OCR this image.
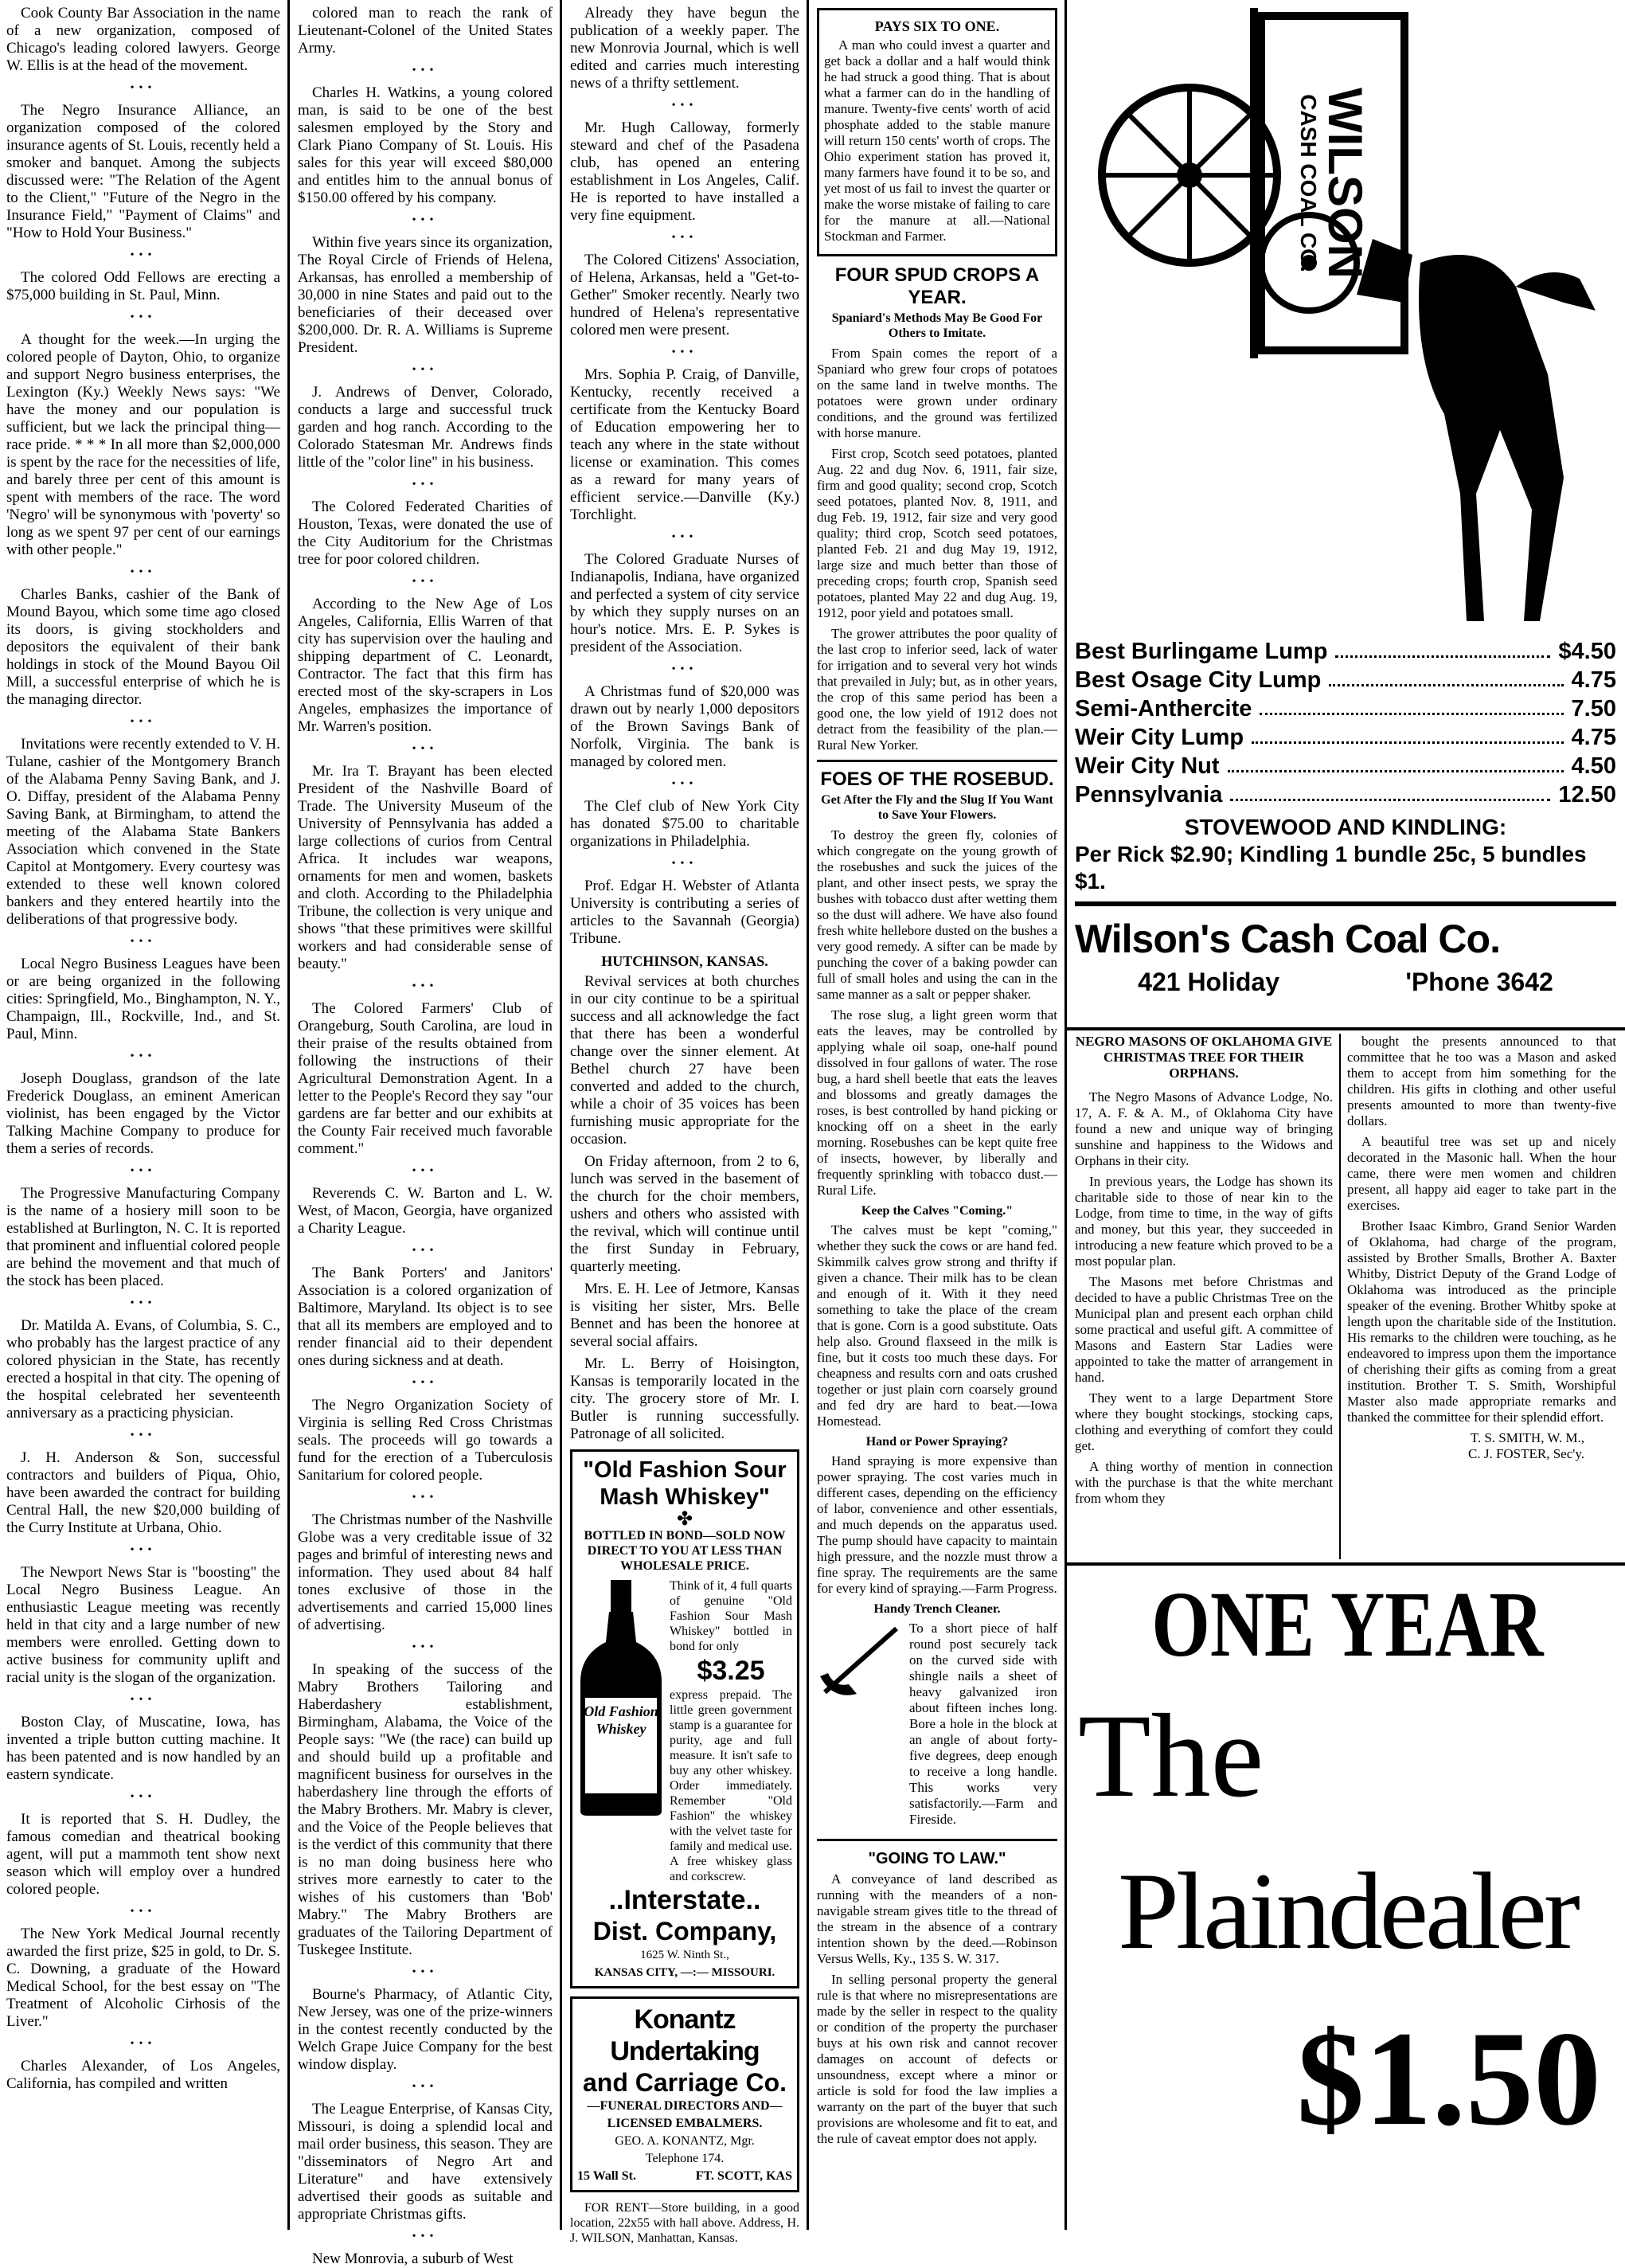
Cook County Bar Association in the name of a new organization, composed of Chicago's leading colored lawyers. George W. Ellis is at the head of the movement.
•••
The Negro Insurance Alliance, an organization composed of the colored insurance agents of St. Louis, recently held a smoker and banquet. Among the subjects discussed were: "The Relation of the Agent to the Client," "Future of the Negro in the Insurance Field," "Payment of Claims" and "How to Hold Your Business."
•••
The colored Odd Fellows are erecting a $75,000 building in St. Paul, Minn.
•••
A thought for the week.—In urging the colored people of Dayton, Ohio, to organize and support Negro business enterprises, the Lexington (Ky.) Weekly News says: "We have the money and our population is sufficient, but we lack the principal thing—race pride. * * * In all more than $2,000,000 is spent by the race for the necessities of life, and barely three per cent of this amount is spent with members of the race. The word 'Negro' will be synonymous with 'poverty' so long as we spent 97 per cent of our earnings with other people."
•••
Charles Banks, cashier of the Bank of Mound Bayou, which some time ago closed its doors, is giving stockholders and depositors the equivalent of their bank holdings in stock of the Mound Bayou Oil Mill, a successful enterprise of which he is the managing director.
•••
Invitations were recently extended to V. H. Tulane, cashier of the Montgomery Branch of the Alabama Penny Saving Bank, and J. O. Diffay, president of the Alabama Penny Saving Bank, at Birmingham, to attend the meeting of the Alabama State Bankers Association which convened in the State Capitol at Montgomery. Every courtesy was extended to these well known colored bankers and they entered heartily into the deliberations of that progressive body.
•••
Local Negro Business Leagues have been or are being organized in the following cities: Springfield, Mo., Binghampton, N. Y., Champaign, Ill., Rockville, Ind., and St. Paul, Minn.
•••
Joseph Douglass, grandson of the late Frederick Douglass, an eminent American violinist, has been engaged by the Victor Talking Machine Company to produce for them a series of records.
•••
The Progressive Manufacturing Company is the name of a hosiery mill soon to be established at Burlington, N. C. It is reported that prominent and influential colored people are behind the movement and that much of the stock has been placed.
•••
Dr. Matilda A. Evans, of Columbia, S. C., who probably has the largest practice of any colored physician in the State, has recently erected a hospital in that city. The opening of the hospital celebrated her seventeenth anniversary as a practicing physician.
•••
J. H. Anderson & Son, successful contractors and builders of Piqua, Ohio, have been awarded the contract for building Central Hall, the new $20,000 building of the Curry Institute at Urbana, Ohio.
•••
The Newport News Star is "boosting" the Local Negro Business League. An enthusiastic League meeting was recently held in that city and a large number of new members were enrolled. Getting down to active business for community uplift and racial unity is the slogan of the organization.
•••
Boston Clay, of Muscatine, Iowa, has invented a triple button cutting machine. It has been patented and is now handled by an eastern syndicate.
•••
It is reported that S. H. Dudley, the famous comedian and theatrical booking agent, will put a mammoth tent show next season which will employ over a hundred colored people.
•••
The New York Medical Journal recently awarded the first prize, $25 in gold, to Dr. S. C. Downing, a graduate of the Howard Medical School, for the best essay on "The Treatment of Alcoholic Cirhosis of the Liver."
•••
Charles Alexander, of Los Angeles, California, has compiled and written
colored man to reach the rank of Lieutenant-Colonel of the United States Army.
•••
Charles H. Watkins, a young colored man, is said to be one of the best salesmen employed by the Story and Clark Piano Company of St. Louis. His sales for this year will exceed $80,000 and entitles him to the annual bonus of $150.00 offered by his company.
•••
Within five years since its organization, The Royal Circle of Friends of Helena, Arkansas, has enrolled a membership of 30,000 in nine States and paid out to the beneficiaries of their deceased over $200,000. Dr. R. A. Williams is Supreme President.
•••
J. Andrews of Denver, Colorado, conducts a large and successful truck garden and hog ranch. According to the Colorado Statesman Mr. Andrews finds little of the "color line" in his business.
•••
The Colored Federated Charities of Houston, Texas, were donated the use of the City Auditorium for the Christmas tree for poor colored children.
•••
According to the New Age of Los Angeles, California, Ellis Warren of that city has supervision over the hauling and shipping department of C. Leonardt, Contractor. The fact that this firm has erected most of the sky-scrapers in Los Angeles, emphasizes the importance of Mr. Warren's position.
•••
Mr. Ira T. Brayant has been elected President of the Nashville Board of Trade. The University Museum of the University of Pennsylvania has added a large collections of curios from Central Africa. It includes war weapons, ornaments for men and women, baskets and cloth. According to the Philadelphia Tribune, the collection is very unique and shows "that these primitives were skillful workers and had considerable sense of beauty."
•••
The Colored Farmers' Club of Orangeburg, South Carolina, are loud in their praise of the results obtained from following the instructions of their Agricultural Demonstration Agent. In a letter to the People's Record they say "our gardens are far better and our exhibits at the County Fair received much favorable comment."
•••
Reverends C. W. Barton and L. W. West, of Macon, Georgia, have organized a Charity League.
•••
The Bank Porters' and Janitors' Association is a colored organization of Baltimore, Maryland. Its object is to see that all its members are employed and to render financial aid to their dependent ones during sickness and at death.
•••
The Negro Organization Society of Virginia is selling Red Cross Christmas seals. The proceeds will go towards a fund for the erection of a Tuberculosis Sanitarium for colored people.
•••
The Christmas number of the Nashville Globe was a very creditable issue of 32 pages and brimful of interesting news and information. They used about 84 half tones exclusive of those in the advertisements and carried 15,000 lines of advertising.
•••
In speaking of the success of the Mabry Brothers Tailoring and Haberdashery establishment, Birmingham, Alabama, the Voice of the People says: "We (the race) can build up and should build up a profitable and magnificent business for ourselves in the haberdashery line through the efforts of the Mabry Brothers. Mr. Mabry is clever, and the Voice of the People believes that is the verdict of this community that there is no man doing business here who strives more earnestly to cater to the wishes of his customers than 'Bob' Mabry." The Mabry Brothers are graduates of the Tailoring Department of Tuskegee Institute.
•••
Bourne's Pharmacy, of Atlantic City, New Jersey, was one of the prize-winners in the contest recently conducted by the Welch Grape Juice Company for the best window display.
•••
The League Enterprise, of Kansas City, Missouri, is doing a splendid local and mail order business, this season. They are "disseminators of Negro Art and Literature" and have extensively advertised their goods as suitable and appropriate Christmas gifts.
•••
New Monrovia, a suburb of West
Already they have begun the publication of a weekly paper. The new Monrovia Journal, which is well edited and carries much interesting news of a thrifty settlement.
•••
Mr. Hugh Calloway, formerly steward and chef of the Pasadena club, has opened an entering establishment in Los Angeles, Calif. He is reported to have installed a very fine equipment.
•••
The Colored Citizens' Association, of Helena, Arkansas, held a "Get-to-Gether" Smoker recently. Nearly two hundred of Helena's representative colored men were present.
•••
Mrs. Sophia P. Craig, of Danville, Kentucky, recently received a certificate from the Kentucky Board of Education empowering her to teach any where in the state without license or examination. This comes as a reward for many years of efficient service.—Danville (Ky.) Torchlight.
•••
The Colored Graduate Nurses of Indianapolis, Indiana, have organized and perfected a system of city service by which they supply nurses on an hour's notice. Mrs. E. P. Sykes is president of the Association.
•••
A Christmas fund of $20,000 was drawn out by nearly 1,000 depositors of the Brown Savings Bank of Norfolk, Virginia. The bank is managed by colored men.
•••
The Clef club of New York City has donated $75.00 to charitable organizations in Philadelphia.
•••
Prof. Edgar H. Webster of Atlanta University is contributing a series of articles to the Savannah (Georgia) Tribune.
HUTCHINSON, KANSAS.
Revival services at both churches in our city continue to be a spiritual success and all acknowledge the fact that there has been a wonderful change over the sinner element. At Bethel church 27 have been converted and added to the church, while a choir of 35 voices has been furnishing music appropriate for the occasion.
On Friday afternoon, from 2 to 6, lunch was served in the basement of the church for the choir members, ushers and others who assisted with the revival, which will continue until the first Sunday in February, quarterly meeting.
Mrs. E. H. Lee of Jetmore, Kansas is visiting her sister, Mrs. Belle Bennet and has been the honoree at several social affairs.
Mr. L. Berry of Hoisington, Kansas is temporarily located in the city. The grocery store of Mr. I. Butler is running successfully. Patronage of all solicited.
"Old Fashion Sour Mash Whiskey"
✤
BOTTLED IN BOND—SOLD NOW DIRECT TO YOU AT LESS THAN WHOLESALE PRICE.
Old Fashion
Whiskey
Think of it, 4 full quarts of genuine "Old Fashion Sour Mash Whiskey" bottled in bond for only
$3.25
express prepaid. The little green government stamp is a guarantee for purity, age and full measure. It isn't safe to buy any other whiskey. Order immediately. Remember "Old Fashion" the whiskey with the velvet taste for family and medical use. A free whiskey glass and corkscrew.
..Interstate..
Dist. Company,
1625 W. Ninth St.,
KANSAS CITY, —:— MISSOURI.
Konantz Undertaking
and Carriage Co.
—FUNERAL DIRECTORS AND—
LICENSED EMBALMERS.
GEO. A. KONANTZ, Mgr.
Telephone 174.
15 Wall St.	FT. SCOTT, KAS
FOR RENT—Store building, in a good location, 22x55 with hall above. Address, H. J. WILSON, Manhattan, Kansas.
PAYS SIX TO ONE.
A man who could invest a quarter and get back a dollar and a half would think he had struck a good thing. That is about what a farmer can do in the handling of manure. Twenty-five cents' worth of acid phosphate added to the stable manure will return 150 cents' worth of crops. The Ohio experiment station has proved it, many farmers have found it to be so, and yet most of us fail to invest the quarter or make the worse mistake of failing to care for the manure at all.—National Stockman and Farmer.
FOUR SPUD CROPS A YEAR.
Spaniard's Methods May Be Good For Others to Imitate.
From Spain comes the report of a Spaniard who grew four crops of potatoes on the same land in twelve months. The potatoes were grown under ordinary conditions, and the ground was fertilized with horse manure.
First crop, Scotch seed potatoes, planted Aug. 22 and dug Nov. 6, 1911, fair size, firm and good quality; second crop, Scotch seed potatoes, planted Nov. 8, 1911, and dug Feb. 19, 1912, fair size and very good quality; third crop, Scotch seed potatoes, planted Feb. 21 and dug May 19, 1912, large size and much better than those of preceding crops; fourth crop, Spanish seed potatoes, planted May 22 and dug Aug. 19, 1912, poor yield and potatoes small.
The grower attributes the poor quality of the last crop to inferior seed, lack of water for irrigation and to several very hot winds that prevailed in July; but, as in other years, the crop of this same period has been a good one, the low yield of 1912 does not detract from the feasibility of the plan.—Rural New Yorker.
FOES OF THE ROSEBUD.
Get After the Fly and the Slug If You Want to Save Your Flowers.
To destroy the green fly, colonies of which congregate on the young growth of the rosebushes and suck the juices of the plant, and other insect pests, we spray the bushes with tobacco dust after wetting them so the dust will adhere. We have also found fresh white hellebore dusted on the bushes a very good remedy. A sifter can be made by punching the cover of a baking powder can full of small holes and using the can in the same manner as a salt or pepper shaker.
The rose slug, a light green worm that eats the leaves, may be controlled by applying whale oil soap, one-half pound dissolved in four gallons of water. The rose bug, a hard shell beetle that eats the leaves and blossoms and greatly damages the roses, is best controlled by hand picking or knocking off on a sheet in the early morning. Rosebushes can be kept quite free of insects, however, by liberally and frequently sprinkling with tobacco dust.—Rural Life.
Keep the Calves "Coming."
The calves must be kept "coming," whether they suck the cows or are hand fed. Skimmilk calves grow strong and thrifty if given a chance. Their milk has to be clean and enough of it. With it they need something to take the place of the cream that is gone. Corn is a good substitute. Oats help also. Ground flaxseed in the milk is fine, but it costs too much these days. For cheapness and results corn and oats crushed together or just plain corn coarsely ground and fed dry are hard to beat.—Iowa Homestead.
Hand or Power Spraying?
Hand spraying is more expensive than power spraying. The cost varies much in different cases, depending on the efficiency of labor, convenience and other essentials, and much depends on the apparatus used. The pump should have capacity to maintain high pressure, and the nozzle must throw a fine spray. The requirements are the same for every kind of spraying.—Farm Progress.
Handy Trench Cleaner.
To a short piece of half round post securely tack on the curved side with shingle nails a sheet of heavy galvanized iron about fifteen inches long. Bore a hole in the block at an angle of about forty-five degrees, deep enough to receive a long handle. This works very satisfactorily.—Farm and Fireside.
"GOING TO LAW."
A conveyance of land described as running with the meanders of a non-navigable stream gives title to the thread of the stream in the absence of a contrary intention shown by the deed.—Robinson Versus Wells, Ky., 135 S. W. 317.
In selling personal property the general rule is that where no misrepresentations are made by the seller in respect to the quality or condition of the property the purchaser buys at his own risk and cannot recover damages on account of defects or unsoundness, except where a minor or article is sold for food the law implies a warranty on the part of the buyer that such provisions are wholesome and fit to eat, and the rule of caveat emptor does not apply.
WILSON
CASH COAL CO.
Best Burlingame Lump	$4.50
Best Osage City Lump	4.75
Semi-Anthercite	7.50
Weir City Lump	4.75
Weir City Nut	4.50
Pennsylvania	12.50
STOVEWOOD AND KINDLING:
Per Rick $2.90; Kindling 1 bundle 25c, 5 bundles $1.
Wilson's Cash Coal Co.
421 Holiday	'Phone 3642
NEGRO MASONS OF OKLAHOMA GIVE CHRISTMAS TREE FOR THEIR ORPHANS.
The Negro Masons of Advance Lodge, No. 17, A. F. & A. M., of Oklahoma City have found a new and unique way of bringing sunshine and happiness to the Widows and Orphans in their city.
In previous years, the Lodge has shown its charitable side to those of near kin to the Lodge, from time to time, in the way of gifts and money, but this year, they succeeded in introducing a new feature which proved to be a most popular plan.
The Masons met before Christmas and decided to have a public Christmas Tree on the Municipal plan and present each orphan child some practical and useful gift. A committee of Masons and Eastern Star Ladies were appointed to take the matter of arrangement in hand.
They went to a large Department Store where they bought stockings, stocking caps, clothing and everything of comfort they could get.
A thing worthy of mention in connection with the purchase is that the white merchant from whom they
bought the presents announced to that committee that he too was a Mason and asked them to accept from him something for the children. His gifts in clothing and other useful presents amounted to more than twenty-five dollars.
A beautiful tree was set up and nicely decorated in the Masonic hall. When the hour came, there were men women and children present, all happy aid eager to take part in the exercises.
Brother Isaac Kimbro, Grand Senior Warden of Oklahoma, had charge of the program, assisted by Brother Smalls, Brother A. Baxter Whitby, District Deputy of the Grand Lodge of Oklahoma was introduced as the principle speaker of the evening. Brother Whitby spoke at length upon the charitable side of the Institution. His remarks to the children were touching, as he endeavored to impress upon them the importance of cherishing their gifts as coming from a great institution. Brother T. S. Smith, Worshipful Master also made appropriate remarks and thanked the committee for their splendid effort.
T. S. SMITH, W. M.,
C. J. FOSTER, Sec'y.
ONE YEAR
The
Plaindealer
$1.50
